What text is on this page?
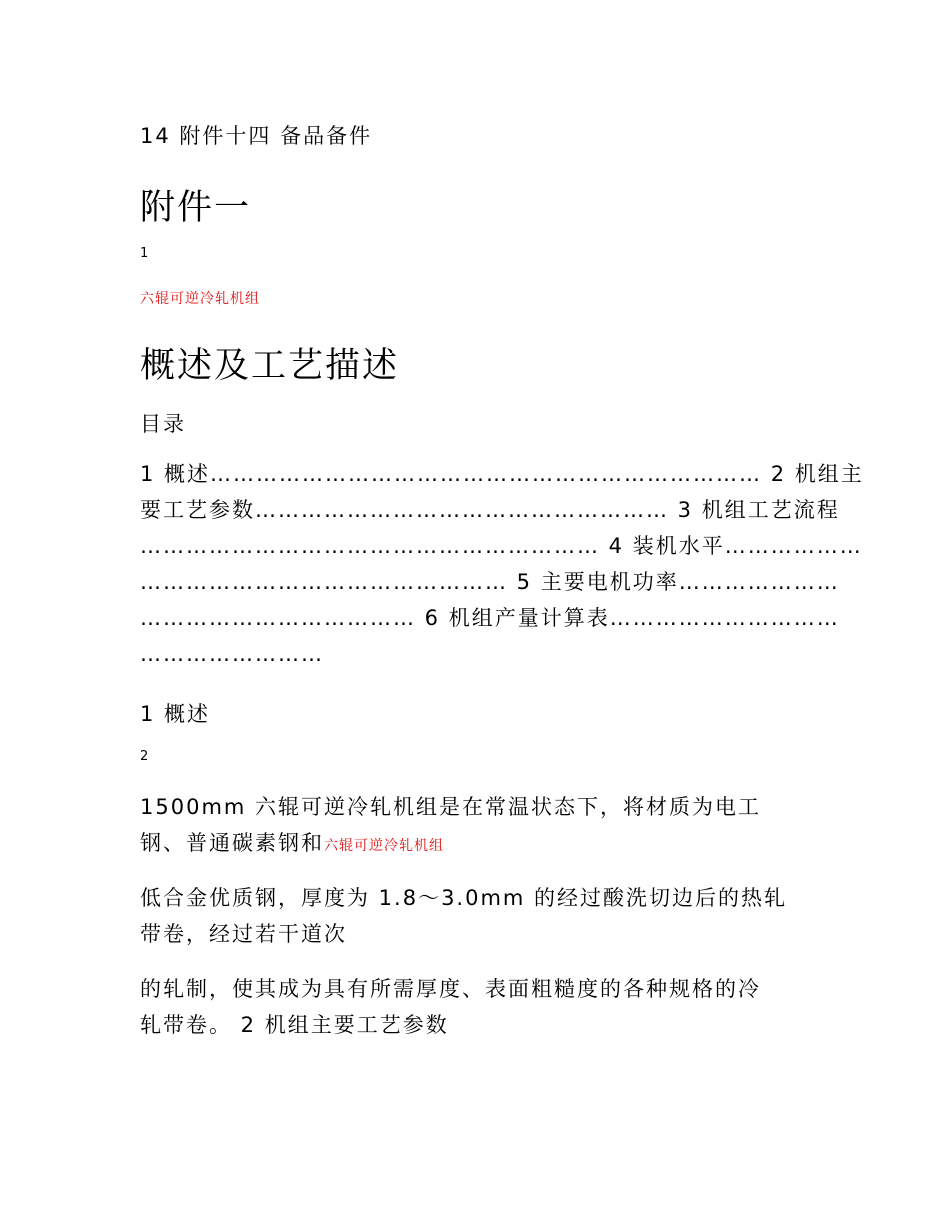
14 附件十四 备品备件
附件一
1
六辊可逆冷轧机组
概述及工艺描述
目录
1 概述……………………………………………………………… 2 机组主
要工艺参数……………………………………………… 3 机组工艺流程
…………………………………………………… 4 装机水平………………
………………………………………… 5 主要电机功率…………………
……………………………… 6 机组产量计算表…………………………
……………………
1 概述
2
1500mm 六辊可逆冷轧机组是在常温状态下，将材质为电工
钢、普通碳素钢和六辊可逆冷轧机组
低合金优质钢，厚度为 1.8～3.0mm 的经过酸洗切边后的热轧
带卷，经过若干道次
的轧制，使其成为具有所需厚度、表面粗糙度的各种规格的冷
轧带卷。 2 机组主要工艺参数
